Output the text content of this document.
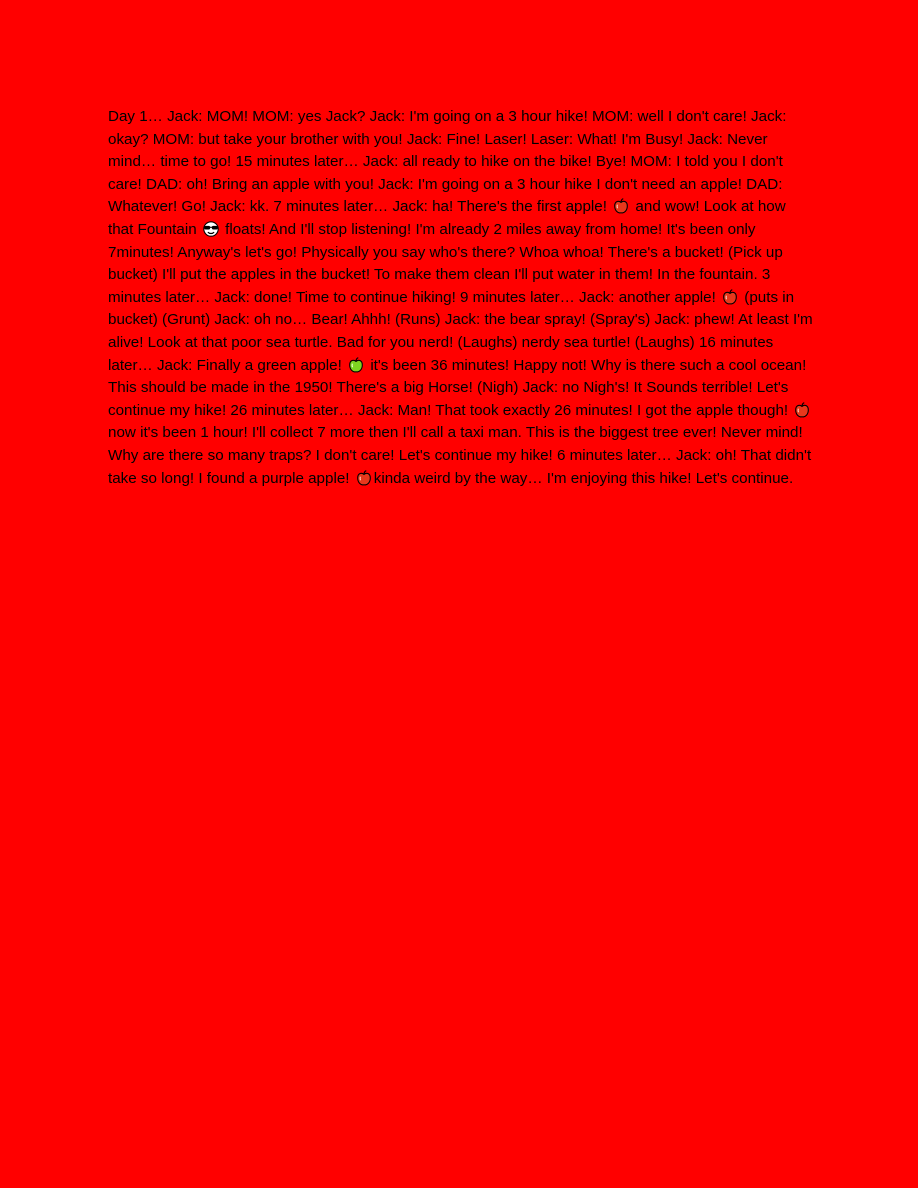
Day 1… Jack: MOM! MOM: yes Jack? Jack: I'm going on a 3 hour hike! MOM: well I don't care! Jack: okay? MOM: but take your brother with you! Jack: Fine! Laser! Laser: What! I'm Busy! Jack: Never mind… time to go! 15 minutes later… Jack: all ready to hike on the bike! Bye! MOM: I told you I don't care! DAD: oh! Bring an apple with you! Jack: I'm going on a 3 hour hike I don't need an apple! DAD: Whatever! Go! Jack: kk. 7 minutes later… Jack: ha! There's the first apple! and wow! Look at how that Fountain floats! And I'll stop listening! I'm already 2 miles away from home! It's been only 7minutes! Anyway's let's go! Physically you say who's there? Whoa whoa! There's a bucket! (Pick up bucket) I'll put the apples in the bucket! To make them clean I'll put water in them! In the fountain. 3 minutes later… Jack: done! Time to continue hiking! 9 minutes later… Jack: another apple! (puts in bucket) (Grunt) Jack: oh no… Bear! Ahhh! (Runs) Jack: the bear spray! (Spray's) Jack: phew! At least I'm alive! Look at that poor sea turtle. Bad for you nerd! (Laughs) nerdy sea turtle! (Laughs) 16 minutes later… Jack: Finally a green apple! it's been 36 minutes! Happy not! Why is there such a cool ocean! This should be made in the 1950! There's a big Horse! (Nigh) Jack: no Nigh's! It Sounds terrible! Let's continue my hike! 26 minutes later… Jack: Man! That took exactly 26 minutes! I got the apple though!
now it's been 1 hour! I'll collect 7 more then I'll call a taxi man. This is the biggest tree ever! Never mind! Why are there so many traps? I don't care! Let's continue my hike! 6 minutes later… Jack: oh! That didn't take so long! I found a purple apple! kinda weird by the way… I'm enjoying this hike! Let's continue.
